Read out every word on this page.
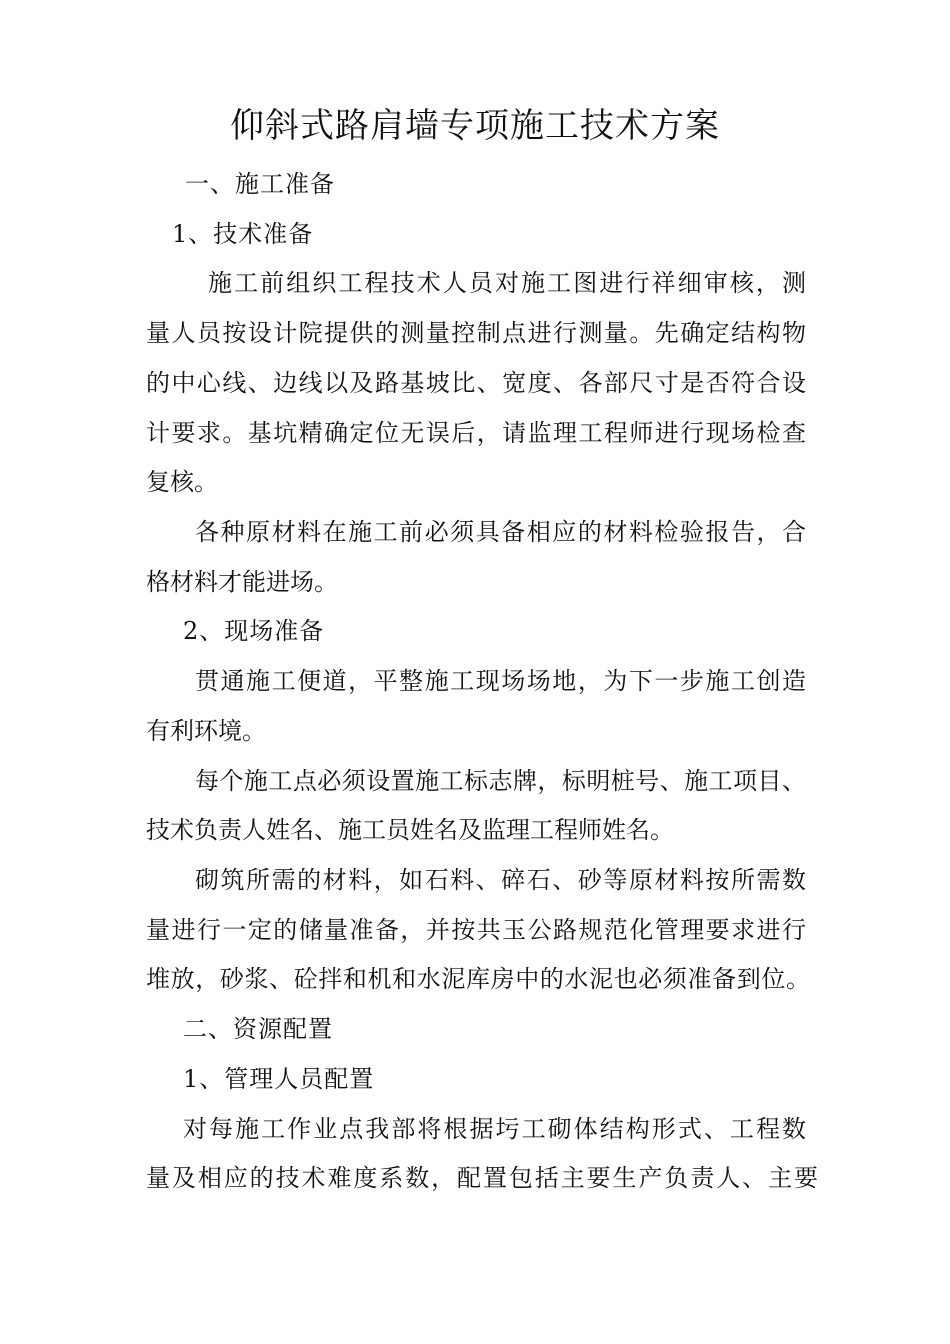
仰斜式路肩墙专项施工技术方案

一、施工准备

1、技术准备

施工前组织工程技术人员对施工图进行祥细审核，测

量人员按设计院提供的测量控制点进行测量。先确定结构物

的中心线、边线以及路基坡比、宽度、各部尺寸是否符合设

计要求。基坑精确定位无误后，请监理工程师进行现场检查

复核。

各种原材料在施工前必须具备相应的材料检验报告，合

格材料才能进场。

2、现场准备

贯通施工便道，平整施工现场场地，为下一步施工创造

有利环境。

每个施工点必须设置施工标志牌，标明桩号、施工项目、

技术负责人姓名、施工员姓名及监理工程师姓名。

砌筑所需的材料，如石料、碎石、砂等原材料按所需数

量进行一定的储量准备，并按共玉公路规范化管理要求进行

堆放，砂浆、砼拌和机和水泥库房中的水泥也必须准备到位。

二、资源配置

1、管理人员配置

对每施工作业点我部将根据圬工砌体结构形式、工程数

量及相应的技术难度系数，配置包括主要生产负责人、主要
